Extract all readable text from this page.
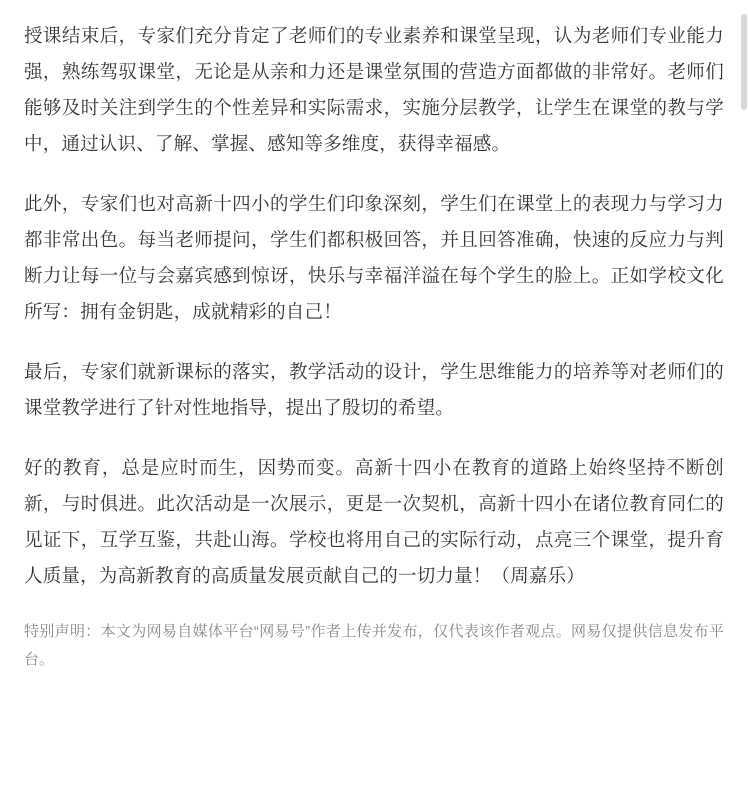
授课结束后，专家们充分肯定了老师们的专业素养和课堂呈现，认为老师们专业能力强，熟练驾驭课堂，无论是从亲和力还是课堂氛围的营造方面都做的非常好。老师们能够及时关注到学生的个性差异和实际需求，实施分层教学，让学生在课堂的教与学中，通过认识、了解、掌握、感知等多维度，获得幸福感。

此外，专家们也对高新十四小的学生们印象深刻，学生们在课堂上的表现力与学习力都非常出色。每当老师提问，学生们都积极回答，并且回答准确，快速的反应力与判断力让每一位与会嘉宾感到惊讶，快乐与幸福洋溢在每个学生的脸上。正如学校文化所写：拥有金钥匙，成就精彩的自己！

最后，专家们就新课标的落实，教学活动的设计，学生思维能力的培养等对老师们的课堂教学进行了针对性地指导，提出了殷切的希望。

好的教育，总是应时而生，因势而变。高新十四小在教育的道路上始终坚持不断创新，与时俱进。此次活动是一次展示，更是一次契机，高新十四小在诸位教育同仁的见证下，互学互鉴，共赴山海。学校也将用自己的实际行动，点亮三个课堂，提升育人质量，为高新教育的高质量发展贡献自己的一切力量！（周嘉乐）

特别声明：本文为网易自媒体平台“网易号”作者上传并发布，仅代表该作者观点。网易仅提供信息发布平台。
